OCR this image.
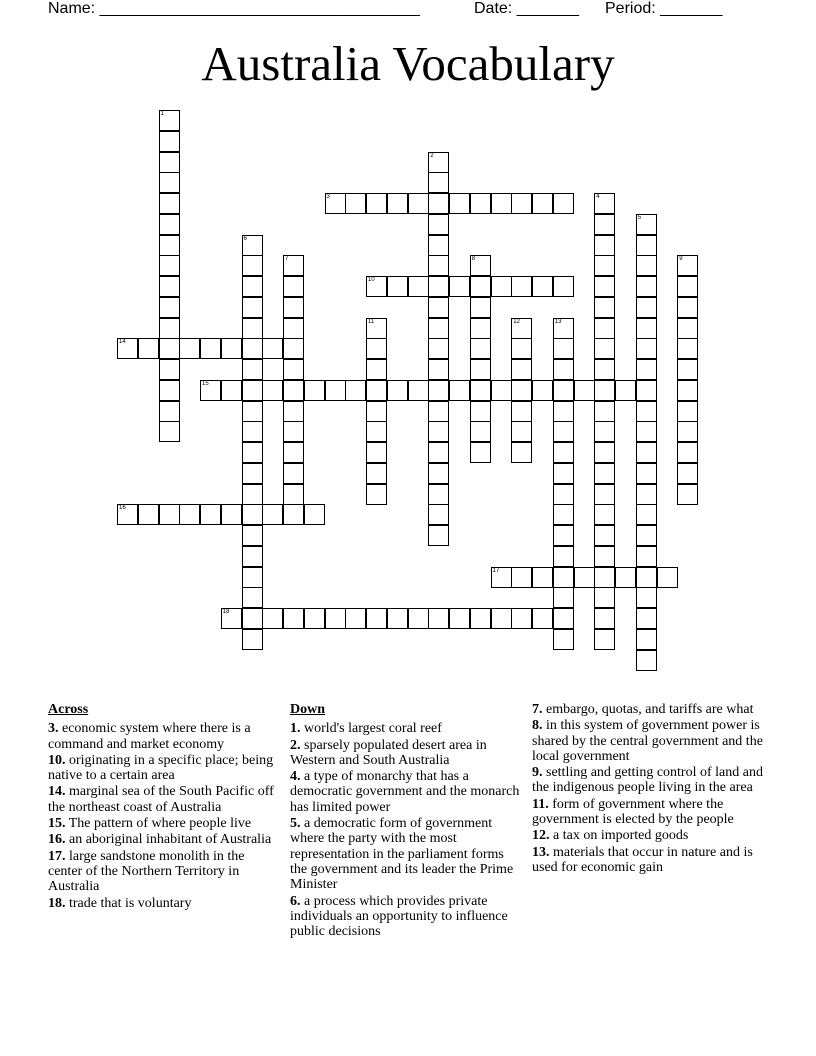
Name: ____________________________________	Date: _______ Period: _______
Australia Vocabulary
1
2
3	4
5
6
7	8	9
10
11	12	13
14
15
16
17
18
Across
3. economic system where there is a command and market economy
10. originating in a specific place; being native to a certain area
14. marginal sea of the South Pacific off the northeast coast of Australia
15. The pattern of where people live
16. an aboriginal inhabitant of Australia
17. large sandstone monolith in the center of the Northern Territory in Australia
18. trade that is voluntary
Down
1. world's largest coral reef
2. sparsely populated desert area in Western and South Australia
4. a type of monarchy that has a democratic government and the monarch has limited power
5. a democratic form of government where the party with the most representation in the parliament forms the government and its leader the Prime Minister
6. a process which provides private individuals an opportunity to influence public decisions
7. embargo, quotas, and tariffs are what
8. in this system of government power is shared by the central government and the local government
9. settling and getting control of land and the indigenous people living in the area
11. form of government where the government is elected by the people
12. a tax on imported goods
13. materials that occur in nature and is used for economic gain
